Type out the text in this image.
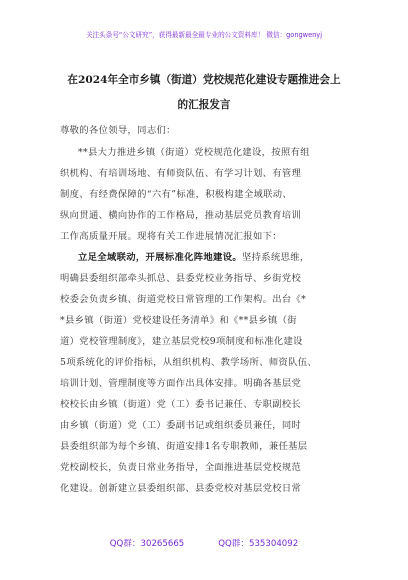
关注头条号“公文研究”，获得最新最全最专业的公文资料库！ 微信：gongwenyj
在2024年全市乡镇（街道）党校规范化建设专题推进会上
的汇报发言
尊敬的各位领导，同志们：
**县大力推进乡镇（街道）党校规范化建设，按照有组
织机构、有培训场地、有师资队伍、有学习计划、有管理
制度、有经费保障的“六有”标准，积极构建全域联动、
纵向贯通、横向协作的工作格局，推动基层党员教育培训
工作高质量开展。现将有关工作进展情况汇报如下：
立足全域联动，开展标准化阵地建设。坚持系统思维，
明确县委组织部牵头抓总、县委党校业务指导、乡街党校
校委会负责乡镇、街道党校日常管理的工作架构。出台《*
*县乡镇（街道）党校建设任务清单》和《**县乡镇（街
道）党校管理制度》，建立基层党校9项制度和标准化建设
5项系统化的评价指标，从组织机构、教学场所、师资队伍、
培训计划、管理制度等方面作出具体安排。明确各基层党
校校长由乡镇（街道）党（工）委书记兼任、专职副校长
由乡镇（街道）党（工）委副书记或组织委员兼任，同时
县委组织部为每个乡镇、街道安排1名专职教师，兼任基层
党校副校长，负责日常业务指导，全面推进基层党校规范
化建设。创新建立县委组织部、县委党校对基层党校日常
QQ群：30265665	QQ群：535304092
